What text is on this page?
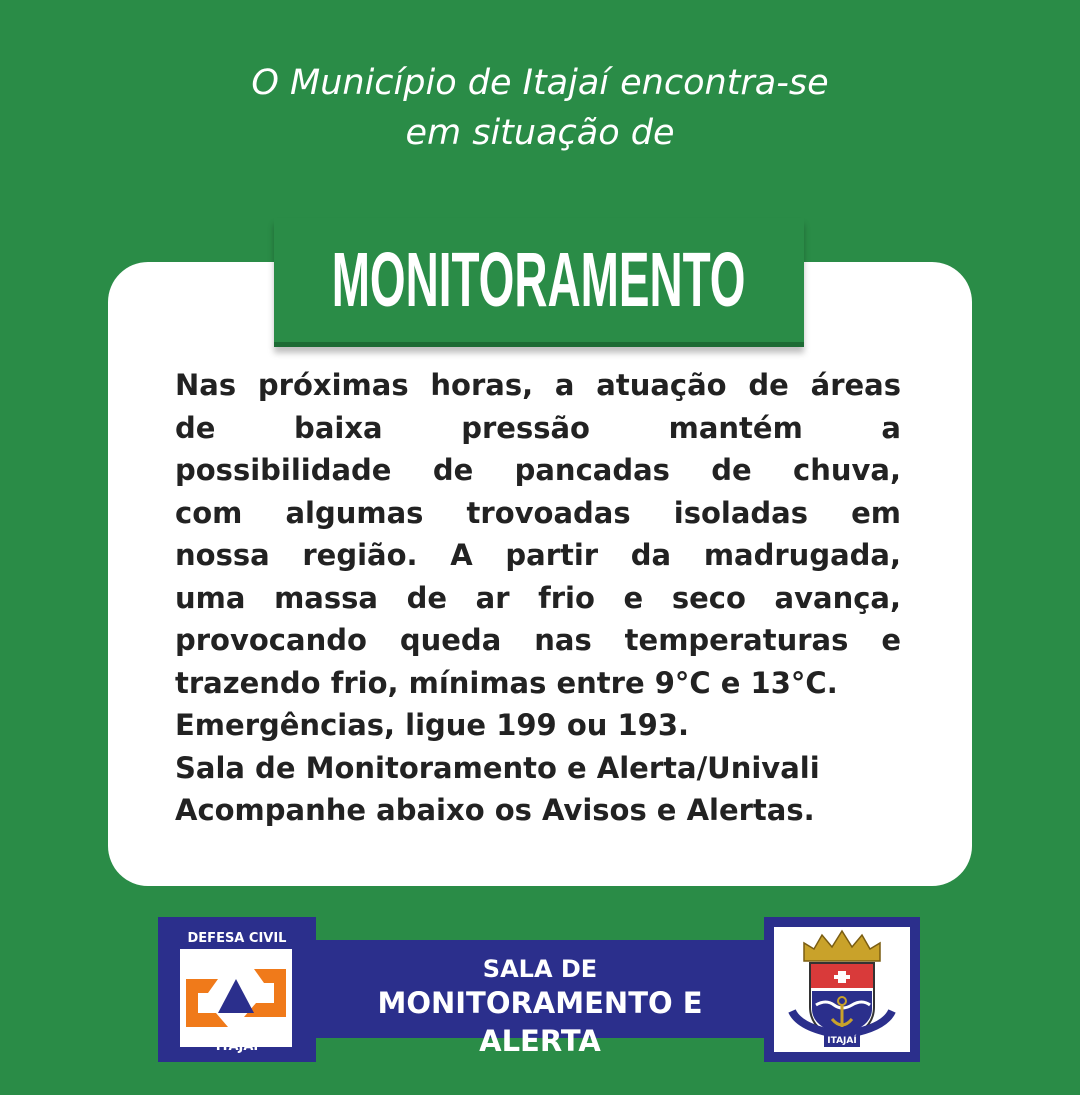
O Município de Itajaí encontra-se
em situação de
MONITORAMENTO
Nas próximas horas, a atuação de áreas
de baixa pressão mantém a
possibilidade de pancadas de chuva,
com algumas trovoadas isoladas em
nossa região. A partir da madrugada,
uma massa de ar frio e seco avança,
provocando queda nas temperaturas e
trazendo frio, mínimas entre 9°C e 13°C.
Emergências, ligue 199 ou 193.
Sala de Monitoramento e Alerta/Univali
Acompanhe abaixo os Avisos e Alertas.
DEFESA CIVIL
ITAJAÍ
SALA DE
MONITORAMENTO E ALERTA	ITAJAÍ
